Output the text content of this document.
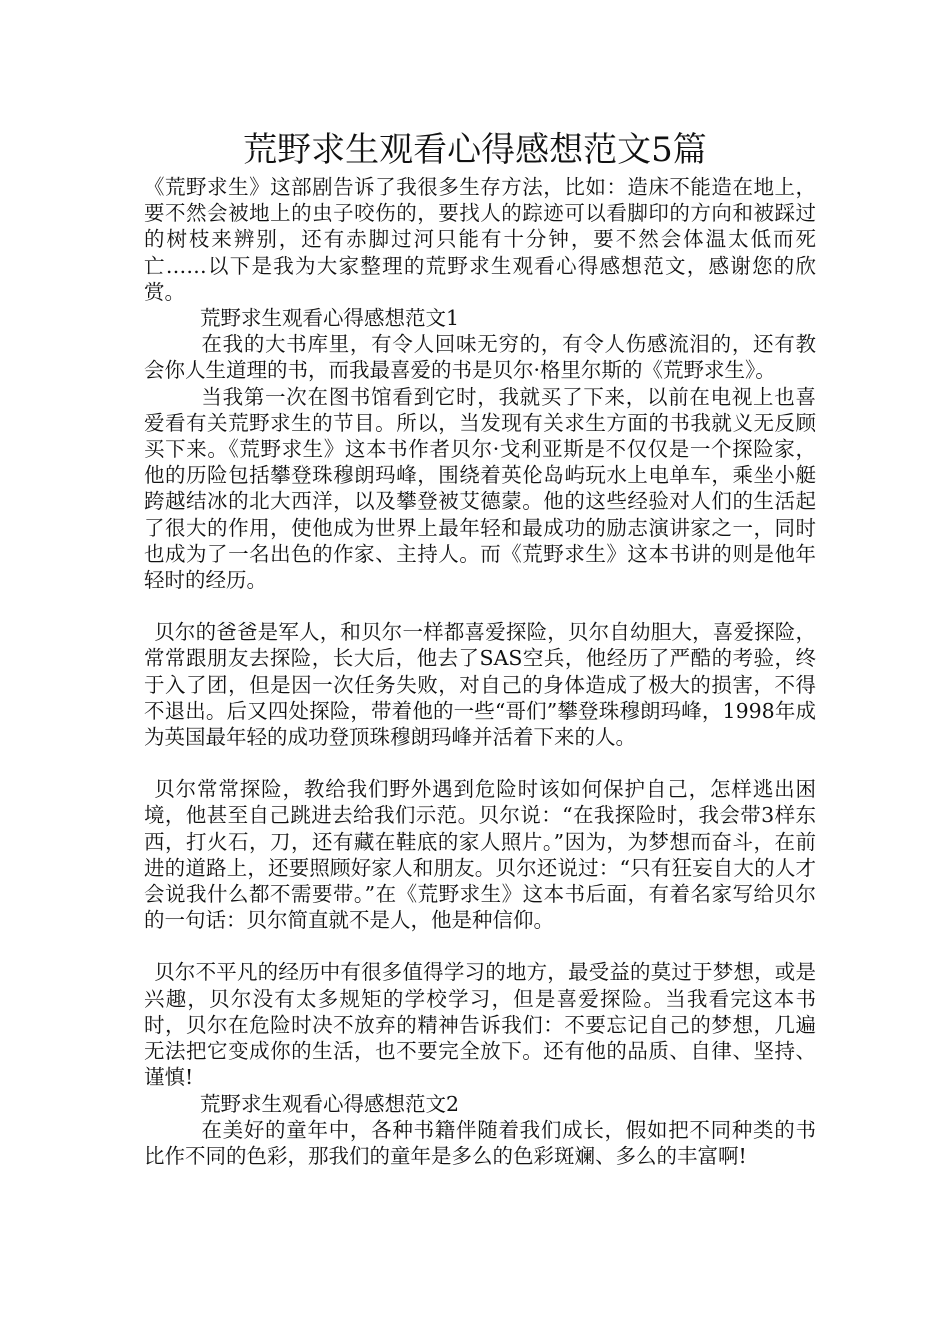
荒野求生观看心得感想范文5篇

《荒野求生》这部剧告诉了我很多生存方法，比如：造床不能造在地上，要不然会被地上的虫子咬伤的，要找人的踪迹可以看脚印的方向和被踩过的树枝来辨别，还有赤脚过河只能有十分钟，要不然会体温太低而死亡……以下是我为大家整理的荒野求生观看心得感想范文，感谢您的欣赏。

荒野求生观看心得感想范文1

在我的大书库里，有令人回味无穷的，有令人伤感流泪的，还有教会你人生道理的书，而我最喜爱的书是贝尔·格里尔斯的《荒野求生》。

当我第一次在图书馆看到它时，我就买了下来，以前在电视上也喜爱看有关荒野求生的节目。所以，当发现有关求生方面的书我就义无反顾买下来。《荒野求生》这本书作者贝尔·戈利亚斯是不仅仅是一个探险家，他的历险包括攀登珠穆朗玛峰，围绕着英伦岛屿玩水上电单车，乘坐小艇跨越结冰的北大西洋，以及攀登被艾德蒙。他的这些经验对人们的生活起了很大的作用，使他成为世界上最年轻和最成功的励志演讲家之一，同时也成为了一名出色的作家、主持人。而《荒野求生》这本书讲的则是他年轻时的经历。

贝尔的爸爸是军人，和贝尔一样都喜爱探险，贝尔自幼胆大，喜爱探险，常常跟朋友去探险，长大后，他去了SAS空兵，他经历了严酷的考验，终于入了团，但是因一次任务失败，对自己的身体造成了极大的损害，不得不退出。后又四处探险，带着他的一些“哥们”攀登珠穆朗玛峰，1998年成为英国最年轻的成功登顶珠穆朗玛峰并活着下来的人。

贝尔常常探险，教给我们野外遇到危险时该如何保护自己，怎样逃出困境，他甚至自己跳进去给我们示范。贝尔说：“在我探险时，我会带3样东西，打火石，刀，还有藏在鞋底的家人照片。”因为，为梦想而奋斗，在前进的道路上，还要照顾好家人和朋友。贝尔还说过：“只有狂妄自大的人才会说我什么都不需要带。”在《荒野求生》这本书后面，有着名家写给贝尔的一句话：贝尔简直就不是人，他是种信仰。

贝尔不平凡的经历中有很多值得学习的地方，最受益的莫过于梦想，或是兴趣，贝尔没有太多规矩的学校学习，但是喜爱探险。当我看完这本书时，贝尔在危险时决不放弃的精神告诉我们：不要忘记自己的梦想，几遍无法把它变成你的生活，也不要完全放下。还有他的品质、自律、坚持、谨慎!

荒野求生观看心得感想范文2

在美好的童年中，各种书籍伴随着我们成长，假如把不同种类的书比作不同的色彩，那我们的童年是多么的色彩斑斓、多么的丰富啊!
